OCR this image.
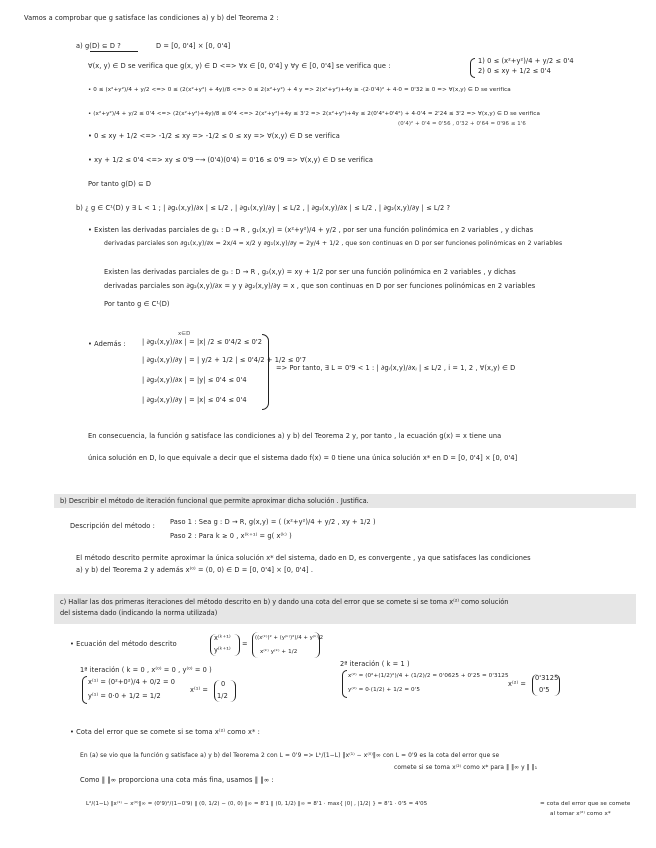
Vamos a comprobar que g satisface las condiciones a) y b) del Teorema 2 :
a) g(D) ⊆ D ?	D = [0, 0'4] × [0, 0'4]
∀(x, y) ∈ D se verifica que g(x, y) ∈ D <=> ∀x ∈ [0, 0'4] y ∀y ∈ [0, 0'4] se verifica que :
1) 0 ≤ (x²+y²)/4 + y/2 ≤ 0'4
2) 0 ≤ xy + 1/2 ≤ 0'4
• 0 ≤ (x²+y²)/4 + y/2 <=> 0 ≤ (2(x²+y²) + 4y)/8 <=> 0 ≤ 2(x²+y²) + 4 y => 2(x²+y²)+4y ≥ -(2·0'4)² + 4·0 = 0'32 ≥ 0 => ∀(x,y) ∈ D se verifica
• (x²+y²)/4 + y/2 ≤ 0'4 <=> (2(x²+y²)+4y)/8 ≤ 0'4 <=> 2(x²+y²)+4y ≤ 3'2 => 2(x²+y²)+4y ≤ 2(0'4²+0'4²) + 4·0'4 = 2'24 ≤ 3'2 => ∀(x,y) ∈ D se verifica
(0'4)² + 0'4 = 0'56 , 0'32 + 0'64 = 0'96 ≤ 1'6
• 0 ≤ xy + 1/2 <=> -1/2 ≤ xy => -1/2 ≤ 0 ≤ xy => ∀(x,y) ∈ D se verifica
• xy + 1/2 ≤ 0'4 <=> xy ≤ 0'9 ─→ (0'4)(0'4) = 0'16 ≤ 0'9 => ∀(x,y) ∈ D se verifica
Por tanto g(D) ⊆ D
b) ¿ g ∈ C¹(D) y ∃ L < 1 ; | ∂g₁(x,y)/∂x | ≤ L/2 , | ∂g₁(x,y)/∂y | ≤ L/2 , | ∂g₂(x,y)/∂x | ≤ L/2 , | ∂g₂(x,y)/∂y | ≤ L/2 ?
• Existen las derivadas parciales de g₁ : D → R , g₁(x,y) = (x²+y²)/4 + y/2 , por ser una función polinómica en 2 variables , y dichas
derivadas parciales son ∂g₁(x,y)/∂x = 2x/4 = x/2 y ∂g₁(x,y)/∂y = 2y/4 + 1/2 , que son continuas en D por ser funciones polinómicas en 2 variables
Existen las derivadas parciales de g₂ : D → R , g₂(x,y) = xy + 1/2 por ser una función polinómica en 2 variables , y dichas
derivadas parciales son ∂g₂(x,y)/∂x = y y ∂g₂(x,y)/∂y = x , que son continuas en D por ser funciones polinómicas en 2 variables
Por tanto g ∈ C¹(D)
x∈D
• Además : | ∂g₁(x,y)/∂x | = |x| /2 ≤ 0'4/2 ≤ 0'2
| ∂g₁(x,y)/∂y | = | y/2 + 1/2 | ≤ 0'4/2 + 1/2 ≤ 0'7
| ∂g₂(x,y)/∂x | = |y| ≤ 0'4 ≤ 0'4
| ∂g₂(x,y)/∂y | = |x| ≤ 0'4 ≤ 0'4
=> Por tanto, ∃ L = 0'9 < 1 : | ∂gᵢ(x,y)/∂xⱼ | ≤ L/2 , i = 1, 2 , ∀(x,y) ∈ D
En consecuencia, la función g satisface las condiciones a) y b) del Teorema 2 y, por tanto , la ecuación g(x) = x tiene una
única solución en D, lo que equivale a decir que el sistema dado f(x) = 0 tiene una única solución x* en D = [0, 0'4] × [0, 0'4]
b) Describir el método de iteración funcional que permite aproximar dicha solución . Justifica.
Descripción del método : Paso 1 : Sea g : D → R, g(x,y) = ( (x²+y²)/4 + y/2 , xy + 1/2 )
Paso 2 : Para k ≥ 0 , x⁽ᵏ⁺¹⁾ = g( x⁽ᵏ⁾ )
El método descrito permite aproximar la única solución x* del sistema, dado en D, es convergente , ya que satisfaces las condiciones
a) y b) del Teorema 2 y además x⁽⁰⁾ = (0, 0) ∈ D = [0, 0'4] × [0, 0'4] .
c) Hallar las dos primeras iteraciones del método descrito en b) y dando una cota del error que se comete si se toma x⁽²⁾ como solución
del sistema dado (indicando la norma utilizada)
• Ecuación del método descrito
x⁽ᵏ⁺¹⁾
y⁽ᵏ⁺¹⁾
=
((x⁽ᵏ⁾)² + (y⁽ᵏ⁾)²)/4 + y⁽ᵏ⁾/2
x⁽ᵏ⁾ y⁽ᵏ⁾ + 1/2
1ª iteración ( k = 0 , x⁽⁰⁾ = 0 , y⁽⁰⁾ = 0 )
2ª iteración ( k = 1 )
x⁽¹⁾ = (0²+0²)/4 + 0/2 = 0
y⁽¹⁾ = 0·0 + 1/2 = 1/2
x⁽¹⁾ =
0
1/2
x⁽²⁾ = (0²+(1/2)²)/4 + (1/2)/2 = 0'0625 + 0'25 = 0'3125
y⁽²⁾ = 0·(1/2) + 1/2 = 0'5
x⁽²⁾ =
0'3125
0'5
• Cota del error que se comete si se toma x⁽²⁾ como x* :
En (a) se vio que la función g satisface a) y b) del Teorema 2 con L = 0'9 => Lᵏ/(1−L) ‖x⁽¹⁾ − x⁽⁰⁾‖∞ con L = 0'9 es la cota del error que se
comete si se toma x⁽²⁾ como x* para ‖ ‖∞ y ‖ ‖₁
Como ‖ ‖∞ proporciona una cota más fina, usamos ‖ ‖∞ :
L²/(1−L) ‖x⁽¹⁾ − x⁽⁰⁾‖∞ = (0'9)²/(1−0'9) ‖ (0, 1/2) − (0, 0) ‖∞ = 8'1 ‖ (0, 1/2) ‖∞ = 8'1 · max{ |0| , |1/2| } = 8'1 · 0'5 = 4'05	= cota del error que se comete
al tomar x⁽²⁾ como x*
